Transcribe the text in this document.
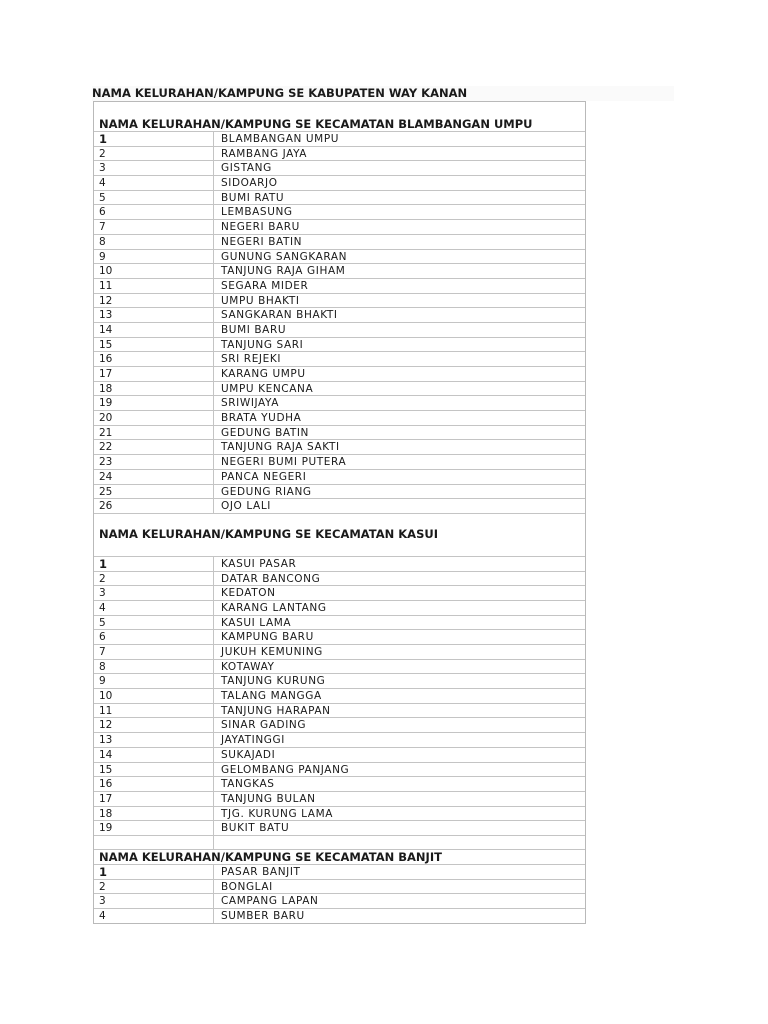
NAMA KELURAHAN/KAMPUNG SE KABUPATEN WAY KANAN
NAMA KELURAHAN/KAMPUNG SE KECAMATAN BLAMBANGAN UMPU
1	BLAMBANGAN UMPU
2	RAMBANG JAYA
3	GISTANG
4	SIDOARJO
5	BUMI RATU
6	LEMBASUNG
7	NEGERI BARU
8	NEGERI BATIN
9	GUNUNG SANGKARAN
10	TANJUNG RAJA GIHAM
11	SEGARA MIDER
12	UMPU BHAKTI
13	SANGKARAN BHAKTI
14	BUMI BARU
15	TANJUNG SARI
16	SRI REJEKI
17	KARANG UMPU
18	UMPU KENCANA
19	SRIWIJAYA
20	BRATA YUDHA
21	GEDUNG BATIN
22	TANJUNG RAJA SAKTI
23	NEGERI BUMI PUTERA
24	PANCA NEGERI
25	GEDUNG RIANG
26	OJO LALI
NAMA KELURAHAN/KAMPUNG SE KECAMATAN KASUI
1	KASUI PASAR
2	DATAR BANCONG
3	KEDATON
4	KARANG LANTANG
5	KASUI LAMA
6	KAMPUNG BARU
7	JUKUH KEMUNING
8	KOTAWAY
9	TANJUNG KURUNG
10	TALANG MANGGA
11	TANJUNG HARAPAN
12	SINAR GADING
13	JAYATINGGI
14	SUKAJADI
15	GELOMBANG PANJANG
16	TANGKAS
17	TANJUNG BULAN
18	TJG. KURUNG LAMA
19	BUKIT BATU
NAMA KELURAHAN/KAMPUNG SE KECAMATAN BANJIT
1	PASAR BANJIT
2	BONGLAI
3	CAMPANG LAPAN
4	SUMBER BARU
